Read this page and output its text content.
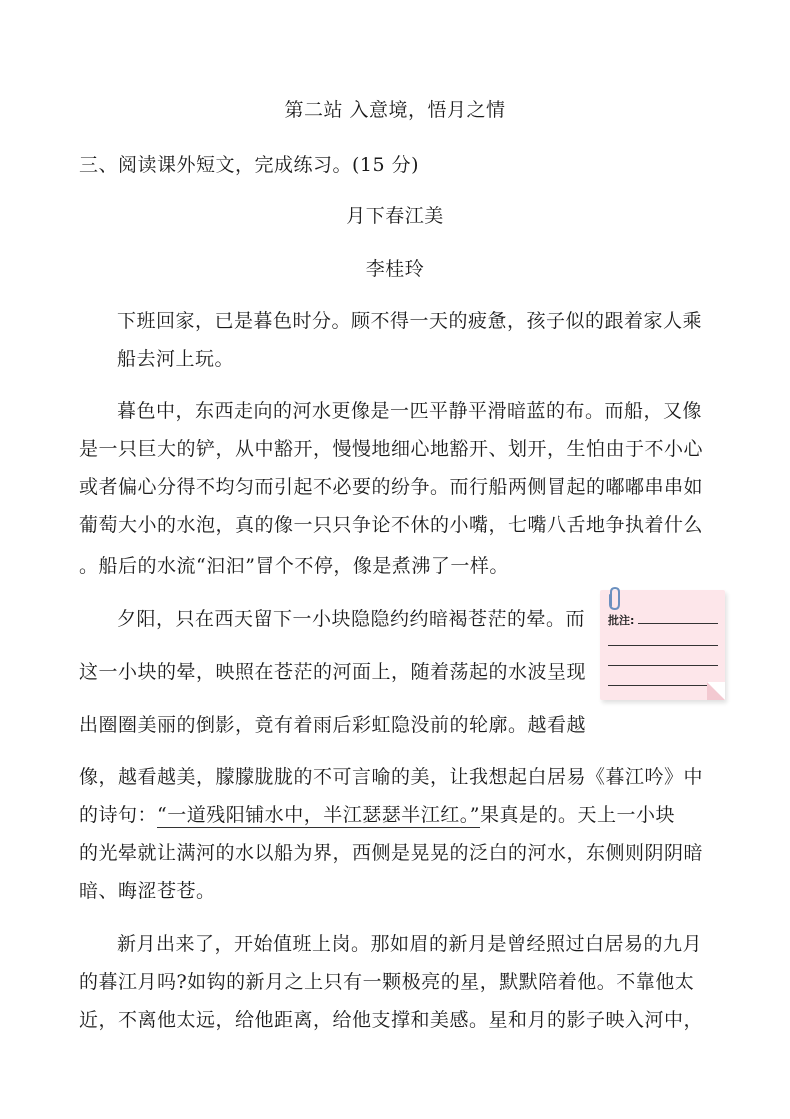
第二站 入意境，悟月之情
三、阅读课外短文，完成练习。(15 分)
月下春江美
李桂玲
下班回家，已是暮色时分。顾不得一天的疲惫，孩子似的跟着家人乘
船去河上玩。
暮色中，东西走向的河水更像是一匹平静平滑暗蓝的布。而船，又像
是一只巨大的铲，从中豁开，慢慢地细心地豁开、划开，生怕由于不小心
或者偏心分得不均匀而引起不必要的纷争。而行船两侧冒起的嘟嘟串串如
葡萄大小的水泡，真的像一只只争论不休的小嘴，七嘴八舌地争执着什么
。船后的水流“汩汩”冒个不停，像是煮沸了一样。
夕阳，只在西天留下一小块隐隐约约暗褐苍茫的晕。而
这一小块的晕，映照在苍茫的河面上，随着荡起的水波呈现
出圈圈美丽的倒影，竟有着雨后彩虹隐没前的轮廓。越看越
像，越看越美，朦朦胧胧的不可言喻的美，让我想起白居易《暮江吟》中
的诗句：“一道残阳铺水中，半江瑟瑟半江红。”果真是的。天上一小块
的光晕就让满河的水以船为界，西侧是晃晃的泛白的河水，东侧则阴阴暗
暗、晦涩苍苍。
新月出来了，开始值班上岗。那如眉的新月是曾经照过白居易的九月
的暮江月吗?如钩的新月之上只有一颗极亮的星，默默陪着他。不靠他太
近，不离他太远，给他距离，给他支撑和美感。星和月的影子映入河中，
批注:
